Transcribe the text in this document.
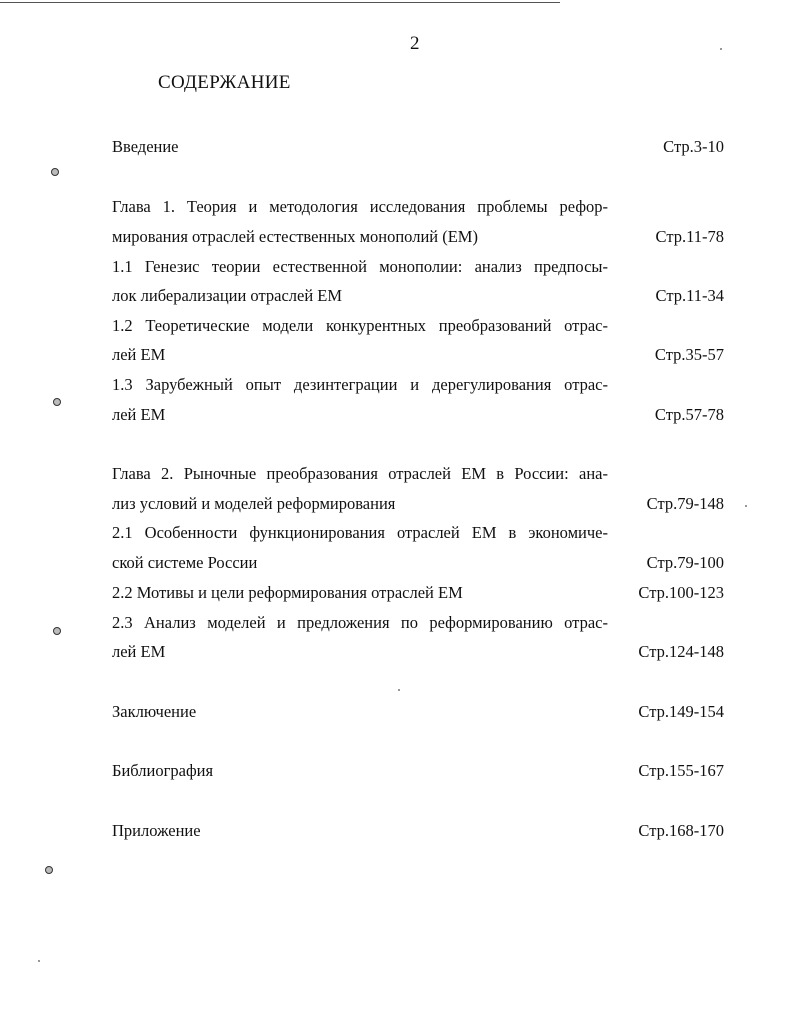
2
СОДЕРЖАНИЕ
Введение	Стр.3-10
Глава 1. Теория и методология исследования проблемы рефор-
мирования отраслей естественных монополий (ЕМ)	Стр.11-78
1.1 Генезис теории естественной монополии: анализ предпосы-
лок либерализации отраслей ЕМ	Стр.11-34
1.2 Теоретические модели конкурентных преобразований отрас-
лей ЕМ	Стр.35-57
1.3 Зарубежный опыт дезинтеграции и дерегулирования отрас-
лей ЕМ	Стр.57-78
Глава 2. Рыночные преобразования отраслей ЕМ в России: ана-
лиз условий и моделей реформирования	Стр.79-148
2.1 Особенности функционирования отраслей ЕМ в экономиче-
ской системе России	Стр.79-100
2.2 Мотивы и цели реформирования отраслей ЕМ	Стр.100-123
2.3 Анализ моделей и предложения по реформированию отрас-
лей ЕМ	Стр.124-148
Заключение	Стр.149-154
Библиография	Стр.155-167
Приложение	Стр.168-170
